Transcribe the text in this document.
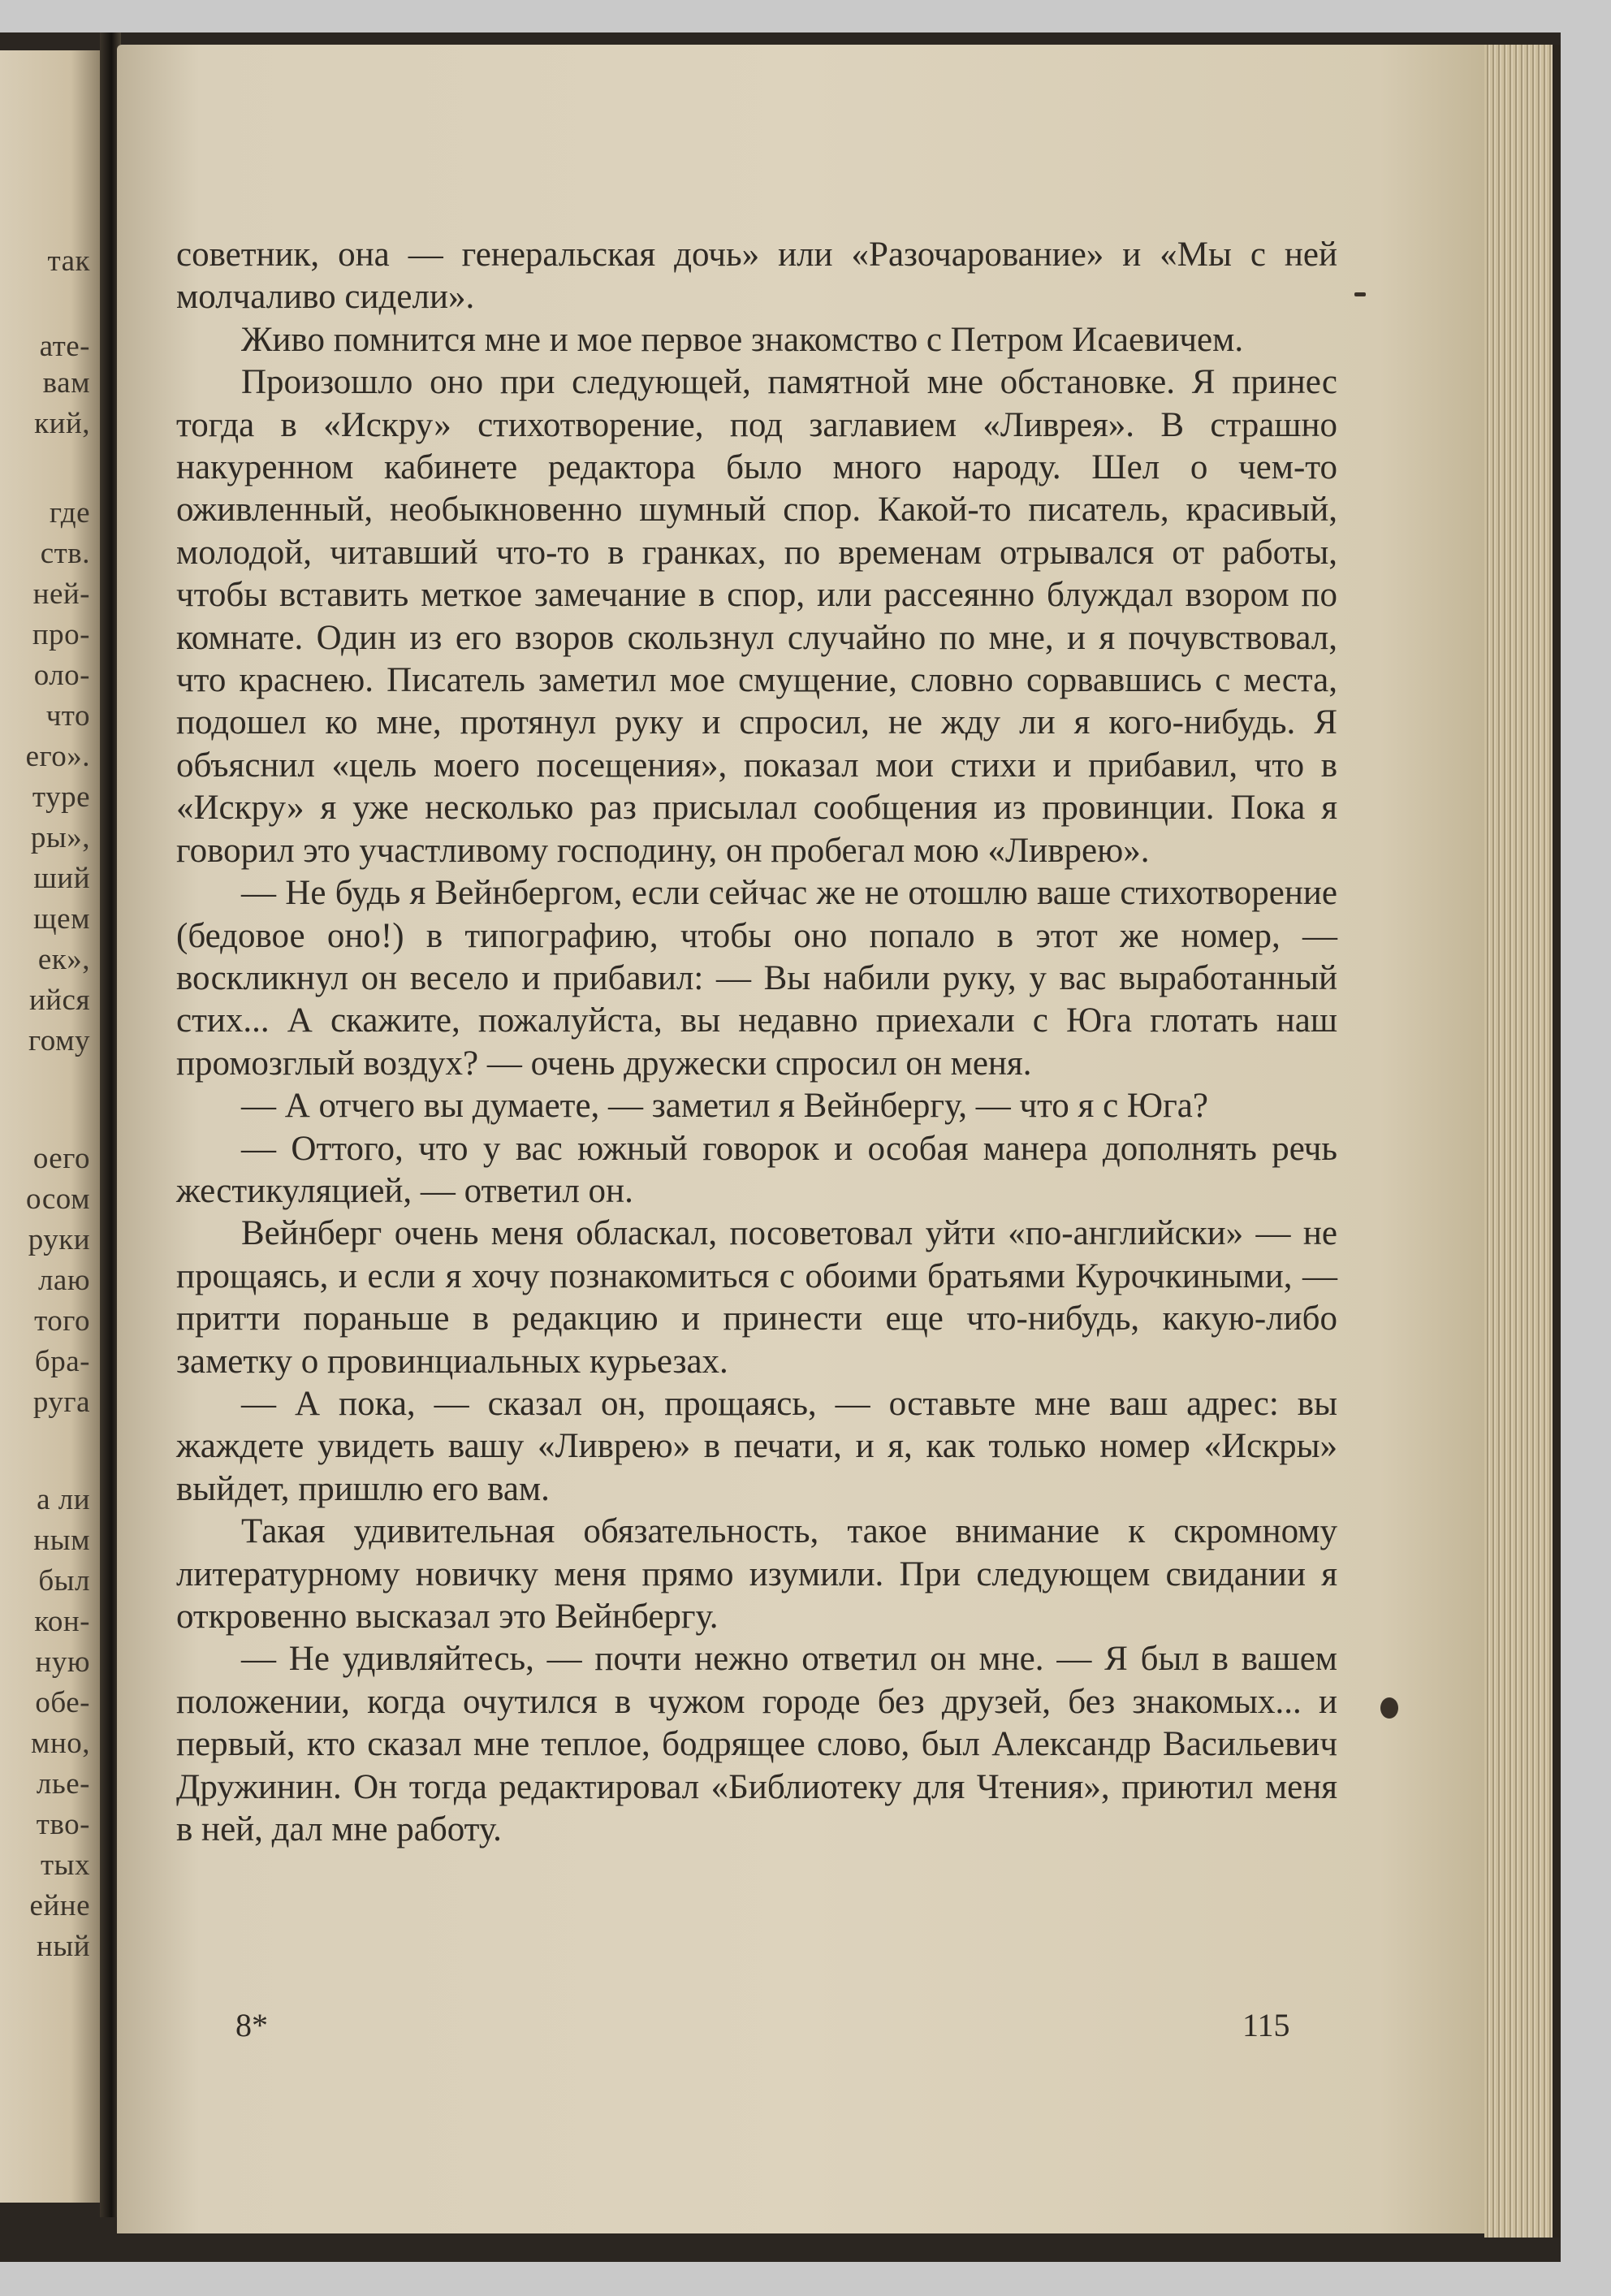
так
ате-
вам
кий,
где
ств.
ней-
про-
оло-
что
его».
туре
ры»,
ший
щем
ек»,
ийся
гому
оего
осом
руки
лаю
того
бра-
руга
а ли
ным
был
кон-
ную
обе-
мно,
лье-
тво-
тых
ейне
ный

советник, она — генеральская дочь» или «Разочарование» и «Мы с ней молчаливо сидели».

Живо помнится мне и мое первое знакомство с Петром Исаевичем.

Произошло оно при следующей, памятной мне обстановке. Я принес тогда в «Искру» стихотворение, под заглавием «Ливрея». В страшно накуренном кабинете редактора было много народу. Шел о чем-то оживленный, необыкновенно шумный спор. Какой-то писатель, красивый, молодой, читавший что-то в гранках, по временам отрывался от работы, чтобы вставить меткое замечание в спор, или рассеянно блуждал взором по комнате. Один из его взоров скользнул случайно по мне, и я почувствовал, что краснею. Писатель заметил мое смущение, словно сорвавшись с места, подошел ко мне, протянул руку и спросил, не жду ли я кого-нибудь. Я объяснил «цель моего посещения», показал мои стихи и прибавил, что в «Искру» я уже несколько раз присылал сообщения из провинции. Пока я говорил это участливому господину, он пробегал мою «Ливрею».

— Не будь я Вейнбергом, если сейчас же не отошлю ваше стихотворение (бедовое оно!) в типографию, чтобы оно попало в этот же номер, — воскликнул он весело и прибавил: — Вы набили руку, у вас выработанный стих... А скажите, пожалуйста, вы недавно приехали с Юга глотать наш промозглый воздух? — очень дружески спросил он меня.

— А отчего вы думаете, — заметил я Вейнбергу, — что я с Юга?

— Оттого, что у вас южный говорок и особая манера дополнять речь жестикуляцией, — ответил он.

Вейнберг очень меня обласкал, посоветовал уйти «по-английски» — не прощаясь, и если я хочу познакомиться с обоими братьями Курочкиными, — притти пораньше в редакцию и принести еще что-нибудь, какую-либо заметку о провинциальных курьезах.

— А пока, — сказал он, прощаясь, — оставьте мне ваш адрес: вы жаждете увидеть вашу «Ливрею» в печати, и я, как только номер «Искры» выйдет, пришлю его вам.

Такая удивительная обязательность, такое внимание к скромному литературному новичку меня прямо изумили. При следующем свидании я откровенно высказал это Вейнбергу.

— Не удивляйтесь, — почти нежно ответил он мне. — Я был в вашем положении, когда очутился в чужом городе без друзей, без знакомых... и первый, кто сказал мне теплое, бодрящее слово, был Александр Васильевич Дружинин. Он тогда редактировал «Библиотеку для Чтения», приютил меня в ней, дал мне работу.

8*	115
